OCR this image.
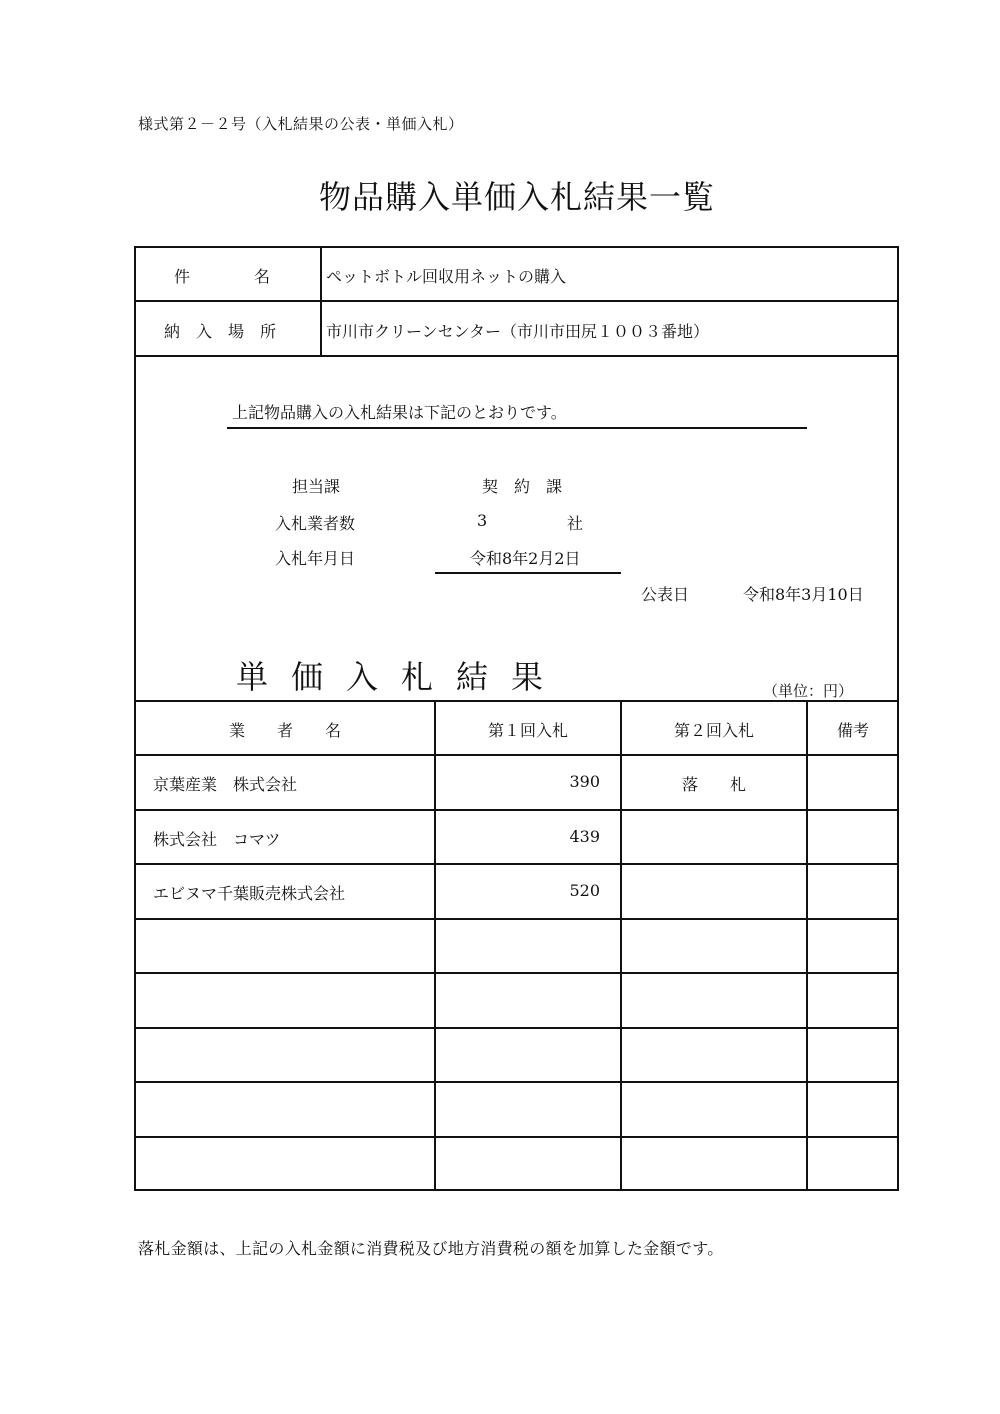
様式第２－２号（入札結果の公表・単価入札）
物品購入単価入札結果一覧
件　　　　名	ペットボトル回収用ネットの購入
納　入　場　所	市川市クリーンセンター（市川市田尻１００３番地）
上記物品購入の入札結果は下記のとおりです。
担当課	契　約　課
入札業者数	3	社
入札年月日	令和8年2月2日
公表日	令和8年3月10日
単価入札結果	（単位：円）
業　　者　　名	第１回入札	第２回入札	備考
京葉産業　株式会社	390	落　　札
株式会社　コマツ	439
エビヌマ千葉販売株式会社	520
落札金額は、上記の入札金額に消費税及び地方消費税の額を加算した金額です。
